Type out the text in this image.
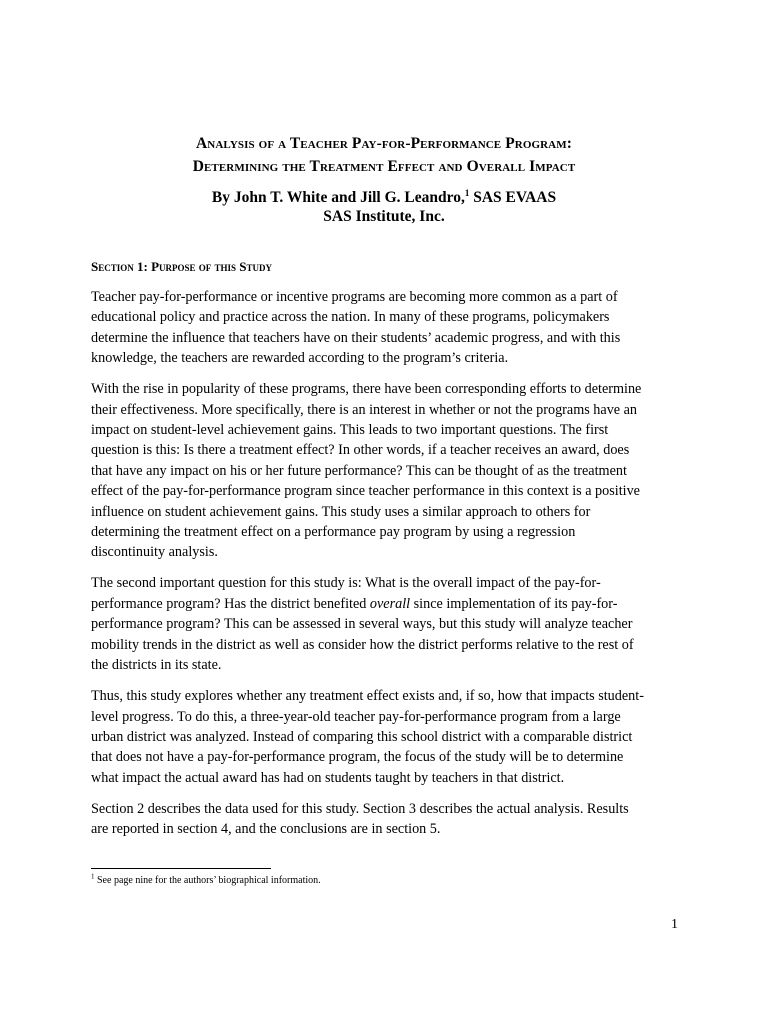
Analysis of a Teacher Pay-for-Performance Program:
Determining the Treatment Effect and Overall Impact
By John T. White and Jill G. Leandro,$^1$ SAS EVAAS
SAS Institute, Inc.
Section 1: Purpose of this Study

Teacher pay-for-performance or incentive programs are becoming more common as a part of
educational policy and practice across the nation. In many of these programs, policymakers
determine the influence that teachers have on their students’ academic progress, and with this
knowledge, the teachers are rewarded according to the program’s criteria.

With the rise in popularity of these programs, there have been corresponding efforts to determine
their effectiveness. More specifically, there is an interest in whether or not the programs have an
impact on student-level achievement gains. This leads to two important questions. The first
question is this: Is there a treatment effect? In other words, if a teacher receives an award, does
that have any impact on his or her future performance? This can be thought of as the treatment
effect of the pay-for-performance program since teacher performance in this context is a positive
influence on student achievement gains. This study uses a similar approach to others for
determining the treatment effect on a performance pay program by using a regression
discontinuity analysis.

The second important question for this study is: What is the overall impact of the pay-for-
performance program? Has the district benefited overall since implementation of its pay-for-
performance program? This can be assessed in several ways, but this study will analyze teacher
mobility trends in the district as well as consider how the district performs relative to the rest of
the districts in its state.

Thus, this study explores whether any treatment effect exists and, if so, how that impacts student-
level progress. To do this, a three-year-old teacher pay-for-performance program from a large
urban district was analyzed. Instead of comparing this school district with a comparable district
that does not have a pay-for-performance program, the focus of the study will be to determine
what impact the actual award has had on students taught by teachers in that district.

Section 2 describes the data used for this study. Section 3 describes the actual analysis. Results
are reported in section 4, and the conclusions are in section 5.

$^1$ See page nine for the authors’ biographical information.
1
